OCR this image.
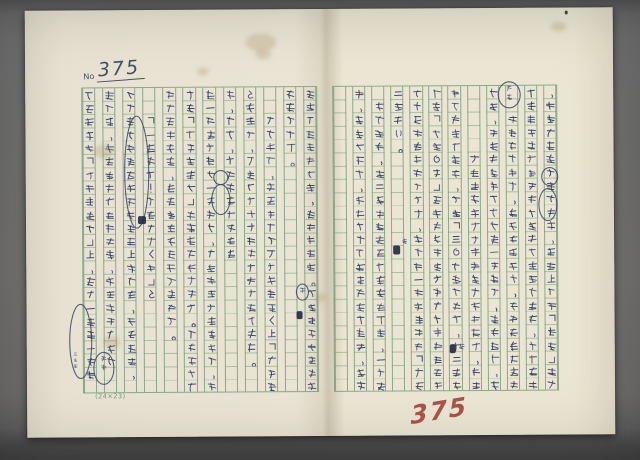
No 375
(24×23)	375
